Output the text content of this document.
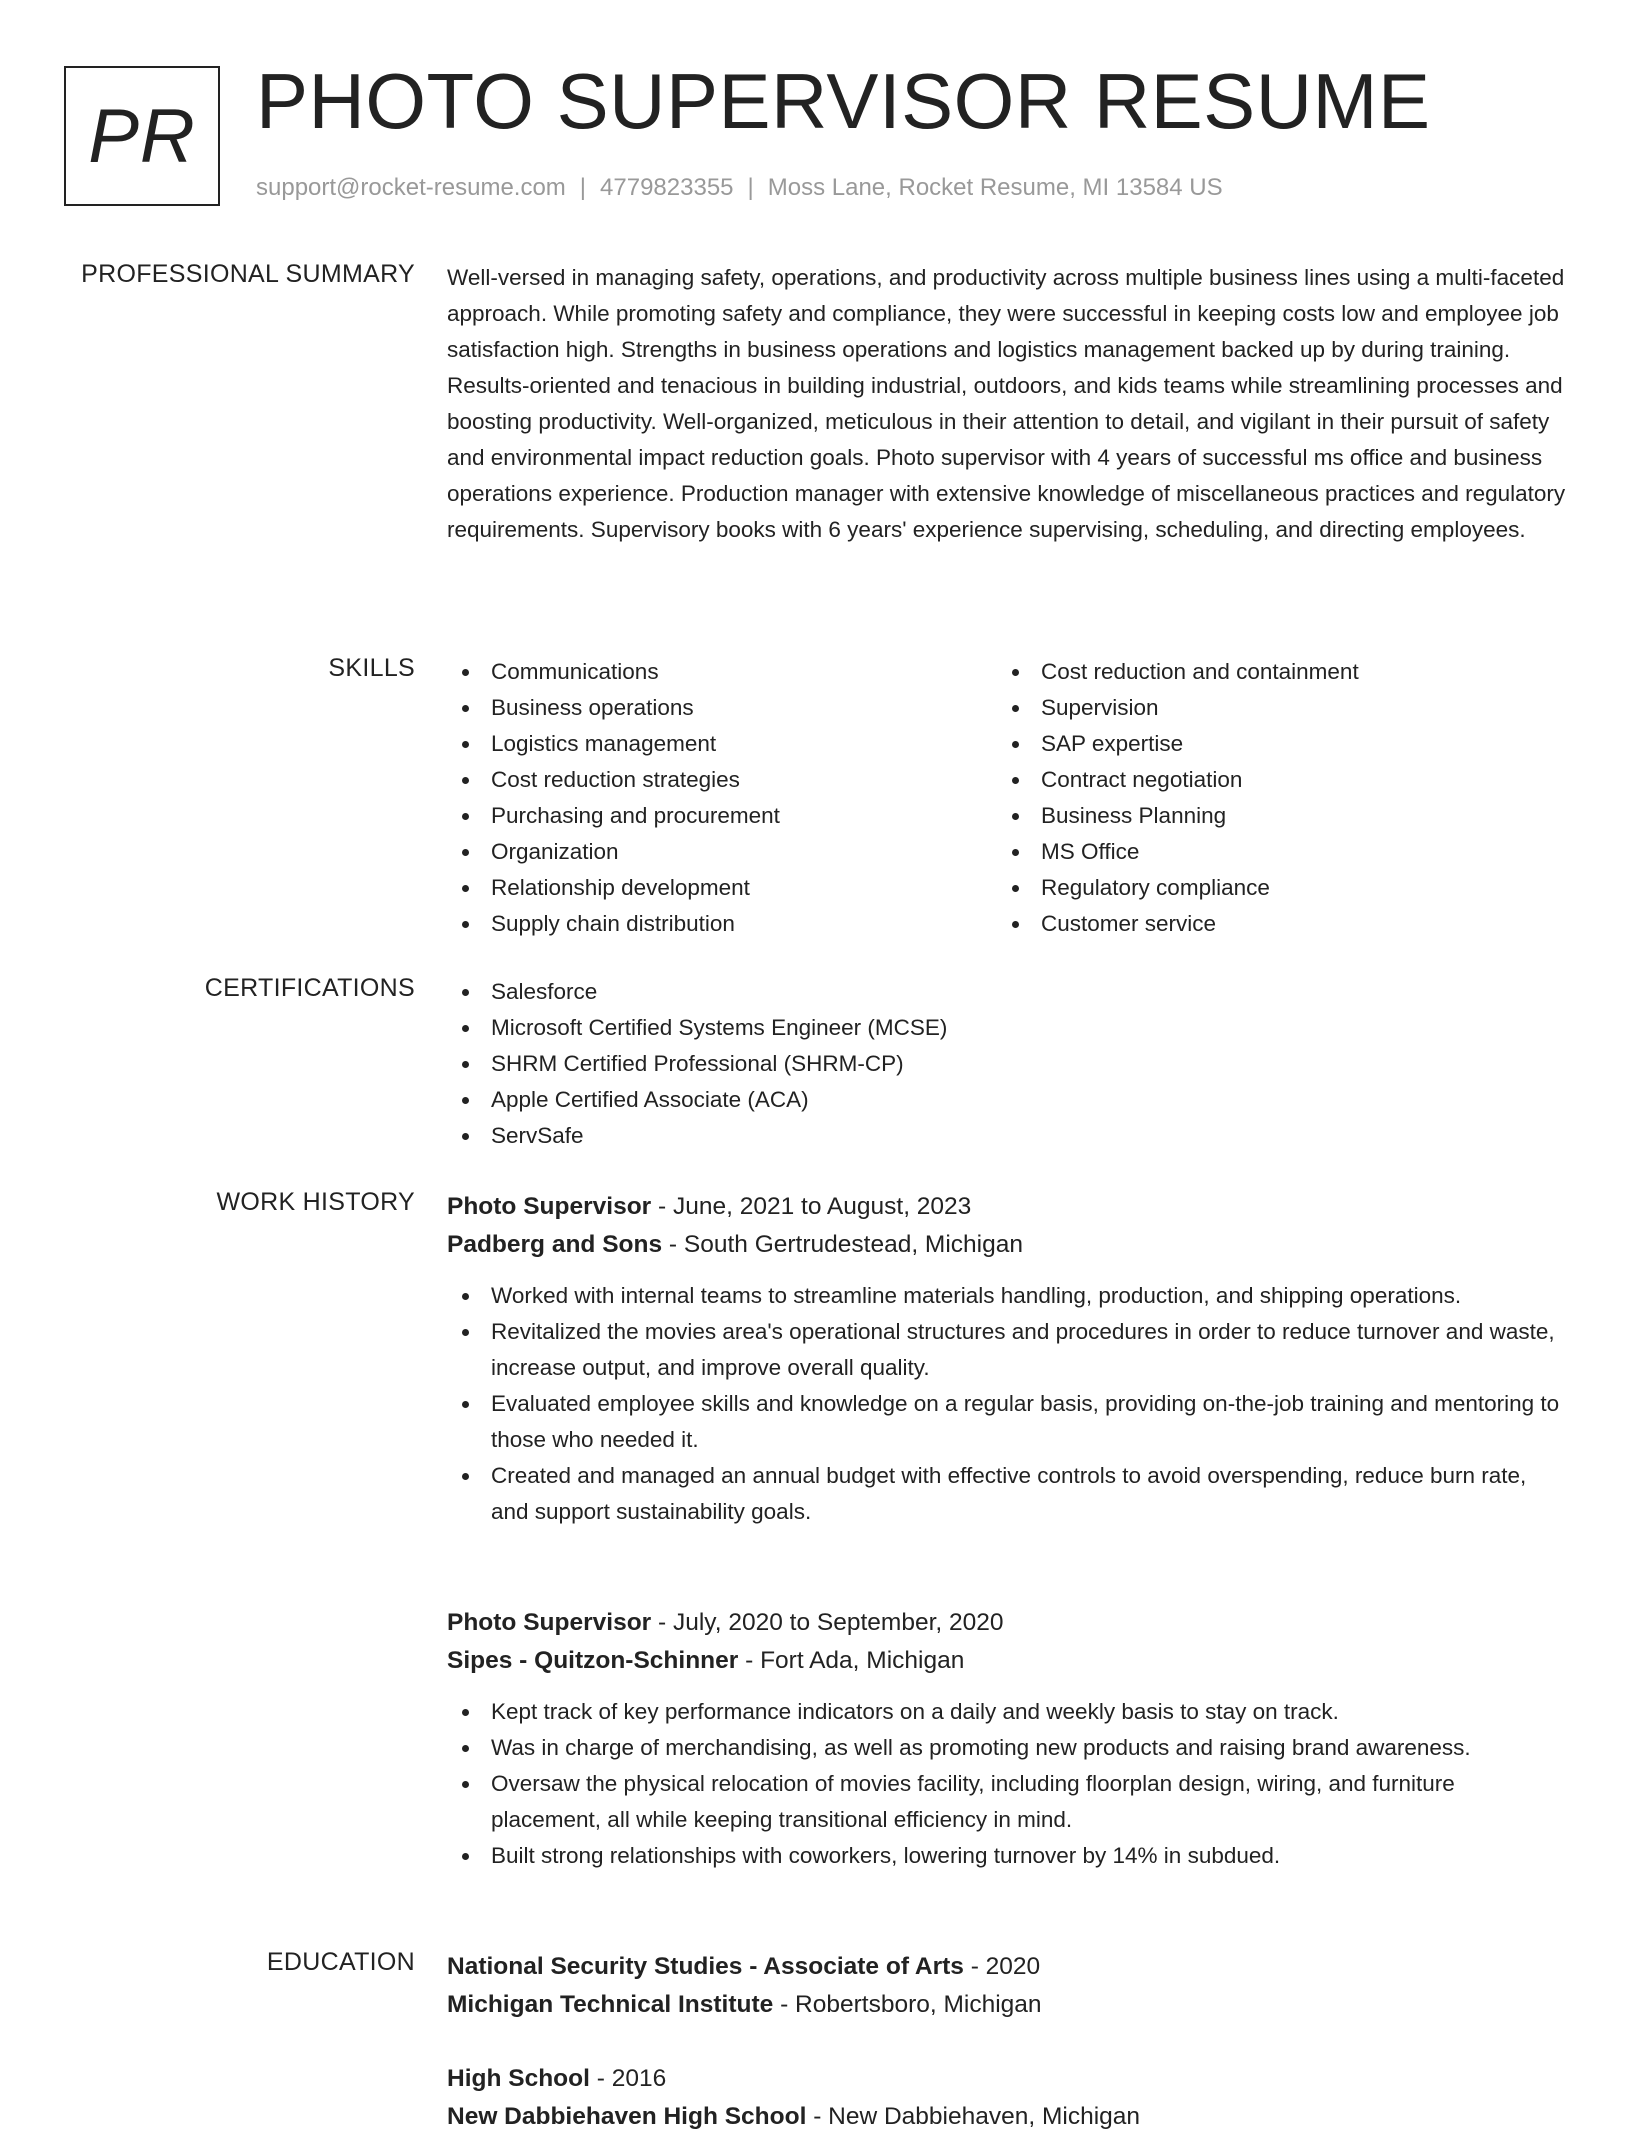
PR PHOTO SUPERVISOR RESUME
support@rocket-resume.com | 4779823355 | Moss Lane, Rocket Resume, MI 13584 US
PROFESSIONAL SUMMARY Well-versed in managing safety, operations, and productivity across multiple business lines using a multi-faceted approach. While promoting safety and compliance, they were successful in keeping costs low and employee job satisfaction high. Strengths in business operations and logistics management backed up by during training. Results-oriented and tenacious in building industrial, outdoors, and kids teams while streamlining processes and boosting productivity. Well-organized, meticulous in their attention to detail, and vigilant in their pursuit of safety and environmental impact reduction goals. Photo supervisor with 4 years of successful ms office and business operations experience. Production manager with extensive knowledge of miscellaneous practices and regulatory requirements. Supervisory books with 6 years' experience supervising, scheduling, and directing employees.

SKILLS	Communications
Business operations
Logistics management
Cost reduction strategies
Purchasing and procurement
Organization
Relationship development
Supply chain distribution
Cost reduction and containment
Supervision
SAP expertise
Contract negotiation
Business Planning
MS Office
Regulatory compliance
Customer service
CERTIFICATIONS	Salesforce
Microsoft Certified Systems Engineer (MCSE)
SHRM Certified Professional (SHRM-CP)
Apple Certified Associate (ACA)
ServSafe
WORK HISTORY Photo Supervisor - June, 2021 to August, 2023
Padberg and Sons - South Gertrudestead, Michigan
Worked with internal teams to streamline materials handling, production, and shipping operations.
Revitalized the movies area's operational structures and procedures in order to reduce turnover and waste, increase output, and improve overall quality.
Evaluated employee skills and knowledge on a regular basis, providing on-the-job training and mentoring to those who needed it.
Created and managed an annual budget with effective controls to avoid overspending, reduce burn rate, and support sustainability goals.
Photo Supervisor - July, 2020 to September, 2020
Sipes - Quitzon-Schinner - Fort Ada, Michigan
Kept track of key performance indicators on a daily and weekly basis to stay on track.
Was in charge of merchandising, as well as promoting new products and raising brand awareness.
Oversaw the physical relocation of movies facility, including floorplan design, wiring, and furniture placement, all while keeping transitional efficiency in mind.
Built strong relationships with coworkers, lowering turnover by 14% in subdued.
EDUCATION National Security Studies - Associate of Arts - 2020
Michigan Technical Institute - Robertsboro, Michigan
High School - 2016
New Dabbiehaven High School - New Dabbiehaven, Michigan
